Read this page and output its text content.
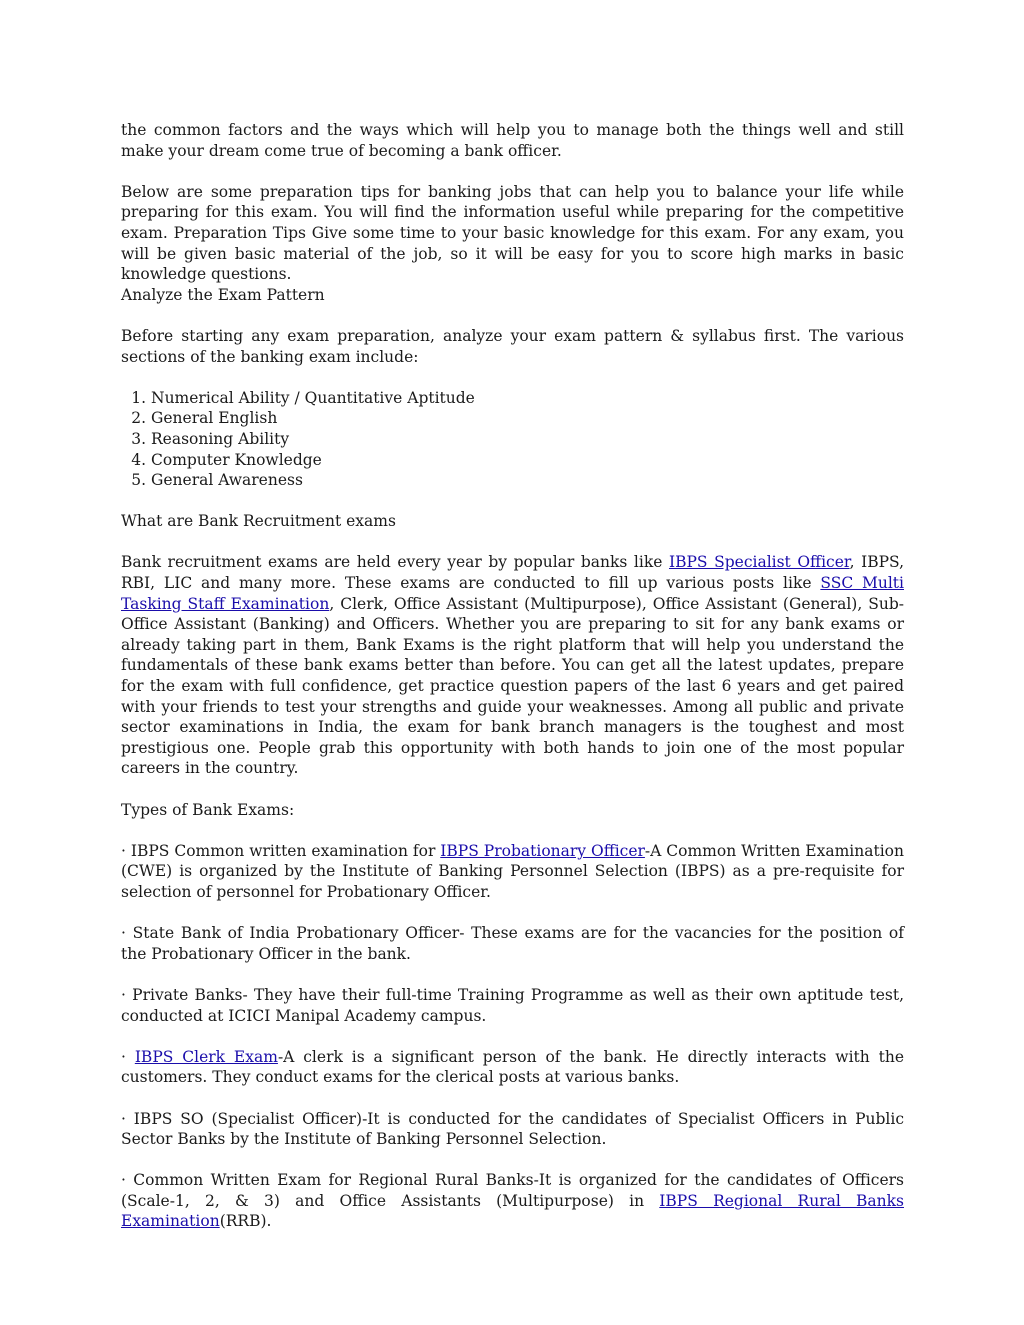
the common factors and the ways which will help you to manage both the things well and still make your dream come true of becoming a bank officer.

Below are some preparation tips for banking jobs that can help you to balance your life while preparing for this exam. You will find the information useful while preparing for the competitive exam. Preparation Tips Give some time to your basic knowledge for this exam. For any exam, you will be given basic material of the job, so it will be easy for you to score high marks in basic knowledge questions.
Analyze the Exam Pattern

Before starting any exam preparation, analyze your exam pattern & syllabus first. The various sections of the banking exam include:

1. Numerical Ability / Quantitative Aptitude
2. General English
3. Reasoning Ability
4. Computer Knowledge
5. General Awareness

What are Bank Recruitment exams

Bank recruitment exams are held every year by popular banks like IBPS Specialist Officer, IBPS, RBI, LIC and many more. These exams are conducted to fill up various posts like SSC Multi Tasking Staff Examination, Clerk, Office Assistant (Multipurpose), Office Assistant (General), Sub-Office Assistant (Banking) and Officers. Whether you are preparing to sit for any bank exams or already taking part in them, Bank Exams is the right platform that will help you understand the fundamentals of these bank exams better than before. You can get all the latest updates, prepare for the exam with full confidence, get practice question papers of the last 6 years and get paired with your friends to test your strengths and guide your weaknesses. Among all public and private sector examinations in India, the exam for bank branch managers is the toughest and most prestigious one. People grab this opportunity with both hands to join one of the most popular careers in the country.

Types of Bank Exams:

· IBPS Common written examination for IBPS Probationary Officer-A Common Written Examination (CWE) is organized by the Institute of Banking Personnel Selection (IBPS) as a pre-requisite for selection of personnel for Probationary Officer.

· State Bank of India Probationary Officer- These exams are for the vacancies for the position of the Probationary Officer in the bank.

· Private Banks- They have their full-time Training Programme as well as their own aptitude test, conducted at ICICI Manipal Academy campus.

· IBPS Clerk Exam-A clerk is a significant person of the bank. He directly interacts with the customers. They conduct exams for the clerical posts at various banks.

· IBPS SO (Specialist Officer)-It is conducted for the candidates of Specialist Officers in Public Sector Banks by the Institute of Banking Personnel Selection.

· Common Written Exam for Regional Rural Banks-It is organized for the candidates of Officers (Scale-1, 2, & 3) and Office Assistants (Multipurpose) in IBPS Regional Rural Banks Examination(RRB).
